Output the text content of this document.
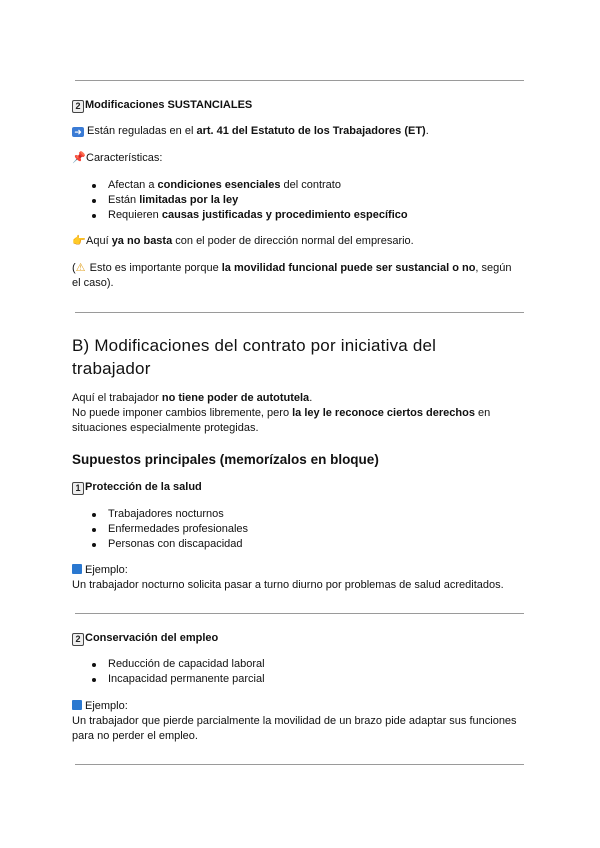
2 Modificaciones SUSTANCIALES

➜ Están reguladas en el art. 41 del Estatuto de los Trabajadores (ET).

📌Características:

Afectan a condiciones esenciales del contrato
Están limitadas por la ley
Requieren causas justificadas y procedimiento específico

👉Aquí ya no basta con el poder de dirección normal del empresario.

(⚠ Esto es importante porque la movilidad funcional puede ser sustancial o no, según

el caso).

B) Modificaciones del contrato por iniciativa del

trabajador

Aquí el trabajador no tiene poder de autotutela.

No puede imponer cambios libremente, pero la ley le reconoce ciertos derechos en

situaciones especialmente protegidas.

Supuestos principales (memorízalos en bloque)

1 Protección de la salud

Trabajadores nocturnos
Enfermedades profesionales
Personas con discapacidad

Ejemplo:

Un trabajador nocturno solicita pasar a turno diurno por problemas de salud acreditados.

2 Conservación del empleo

Reducción de capacidad laboral
Incapacidad permanente parcial

Ejemplo:

Un trabajador que pierde parcialmente la movilidad de un brazo pide adaptar sus funciones

para no perder el empleo.
